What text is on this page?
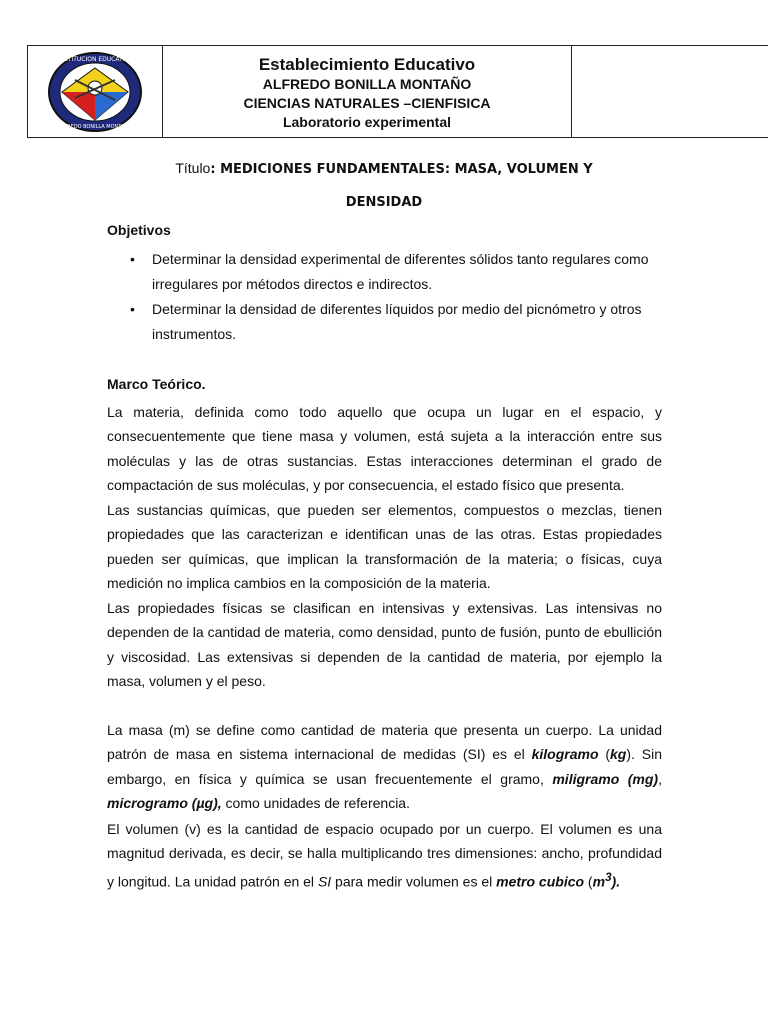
INSTITUCION EDUCATIVA
ALFREDO BONILLA MONTAÑO
Establecimiento Educativo
ALFREDO BONILLA MONTAÑO
CIENCIAS NATURALES –CIENFISICA
Laboratorio experimental
Título: MEDICIONES FUNDAMENTALES: MASA, VOLUMEN Y
DENSIDAD
Objetivos
• Determinar la densidad experimental de diferentes sólidos tanto regulares como irregulares por métodos directos e indirectos.
• Determinar la densidad de diferentes líquidos por medio del picnómetro y otros instrumentos.
Marco Teórico.

La materia, definida como todo aquello que ocupa un lugar en el espacio, y consecuentemente que tiene masa y volumen, está sujeta a la interacción entre sus moléculas y las de otras sustancias. Estas interacciones determinan el grado de compactación de sus moléculas, y por consecuencia, el estado físico que presenta.

Las sustancias químicas, que pueden ser elementos, compuestos o mezclas, tienen propiedades que las caracterizan e identifican unas de las otras. Estas propiedades pueden ser químicas, que implican la transformación de la materia; o físicas, cuya medición no implica cambios en la composición de la materia.

Las propiedades físicas se clasifican en intensivas y extensivas. Las intensivas no dependen de la cantidad de materia, como densidad, punto de fusión, punto de ebullición y viscosidad. Las extensivas si dependen de la cantidad de materia, por ejemplo la masa, volumen y el peso.

La masa (m) se define como cantidad de materia que presenta un cuerpo. La unidad patrón de masa en sistema internacional de medidas (SI) es el kilogramo (kg). Sin embargo, en física y química se usan frecuentemente el gramo, miligramo (mg), microgramo (µg), como unidades de referencia.

El volumen (v) es la cantidad de espacio ocupado por un cuerpo. El volumen es una magnitud derivada, es decir, se halla multiplicando tres dimensiones: ancho, profundidad y longitud. La unidad patrón en el SI para medir volumen es el metro cubico $(m^3)$.
